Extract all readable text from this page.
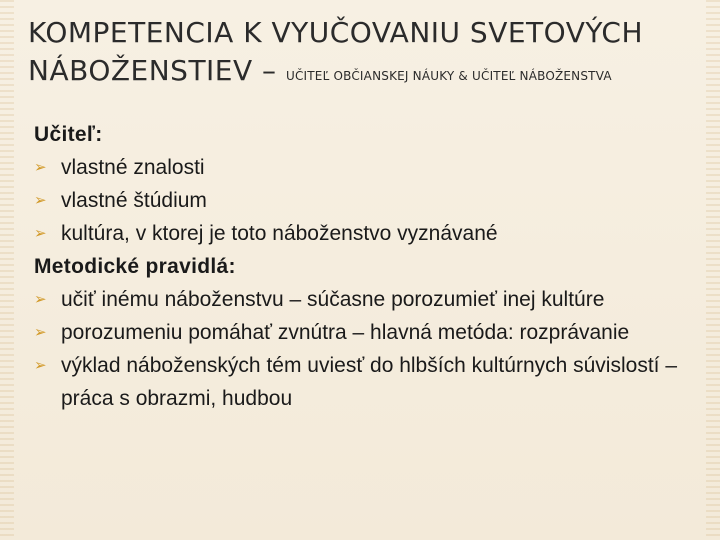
KOMPETENCIA K VYUČOVANIU SVETOVÝCH
NÁBOŽENSTIEV – UČITEĽ OBČIANSKEJ NÁUKY & UČITEĽ NÁBOŽENSTVA
Učiteľ:
➢ vlastné znalosti
➢ vlastné štúdium
➢ kultúra, v ktorej je toto náboženstvo vyznávané
Metodické pravidlá:
➢ učiť inému náboženstvu – súčasne porozumieť inej kultúre
➢ porozumeniu pomáhať zvnútra – hlavná metóda: rozprávanie
➢ výklad náboženských tém uviesť do hlbších kultúrnych súvislostí – práca s obrazmi, hudbou
